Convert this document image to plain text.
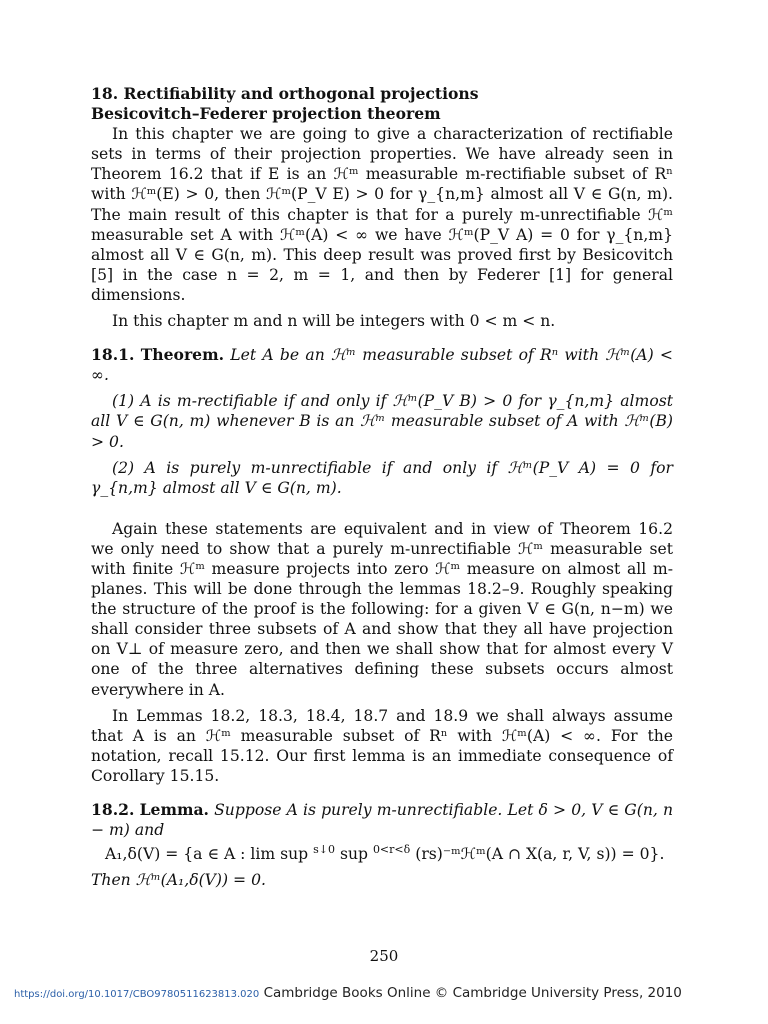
18. Rectifiability and orthogonal projections

Besicovitch–Federer projection theorem

In this chapter we are going to give a characterization of rectifiable sets in terms of their projection properties. We have already seen in Theorem 16.2 that if E is an ℋᵐ measurable m-rectifiable subset of Rⁿ with ℋᵐ(E) > 0, then ℋᵐ(P_V E) > 0 for γ_{n,m} almost all V ∈ G(n, m). The main result of this chapter is that for a purely m-unrectifiable ℋᵐ measurable set A with ℋᵐ(A) < ∞ we have ℋᵐ(P_V A) = 0 for γ_{n,m} almost all V ∈ G(n, m). This deep result was proved first by Besicovitch [5] in the case n = 2, m = 1, and then by Federer [1] for general dimensions.

In this chapter m and n will be integers with 0 < m < n.

18.1. Theorem. Let A be an ℋᵐ measurable subset of Rⁿ with ℋᵐ(A) < ∞.

(1) A is m-rectifiable if and only if ℋᵐ(P_V B) > 0 for γ_{n,m} almost all V ∈ G(n, m) whenever B is an ℋᵐ measurable subset of A with ℋᵐ(B) > 0.

(2) A is purely m-unrectifiable if and only if ℋᵐ(P_V A) = 0 for γ_{n,m} almost all V ∈ G(n, m).

Again these statements are equivalent and in view of Theorem 16.2 we only need to show that a purely m-unrectifiable ℋᵐ measurable set with finite ℋᵐ measure projects into zero ℋᵐ measure on almost all m-planes. This will be done through the lemmas 18.2–9. Roughly speaking the structure of the proof is the following: for a given V ∈ G(n, n−m) we shall consider three subsets of A and show that they all have projection on V⊥ of measure zero, and then we shall show that for almost every V one of the three alternatives defining these subsets occurs almost everywhere in A.

In Lemmas 18.2, 18.3, 18.4, 18.7 and 18.9 we shall always assume that A is an ℋᵐ measurable subset of Rⁿ with ℋᵐ(A) < ∞. For the notation, recall 15.12. Our first lemma is an immediate consequence of Corollary 15.15.

18.2. Lemma. Suppose A is purely m-unrectifiable. Let δ > 0, V ∈ G(n, n − m) and

A₁,δ(V) = {a ∈ A : lim sup s↓0 sup 0<r<δ (rs)⁻ᵐℋᵐ(A ∩ X(a, r, V, s)) = 0}.

Then ℋᵐ(A₁,δ(V)) = 0.

250
https://doi.org/10.1017/CBO9780511623813.020 Cambridge Books Online © Cambridge University Press, 2010
